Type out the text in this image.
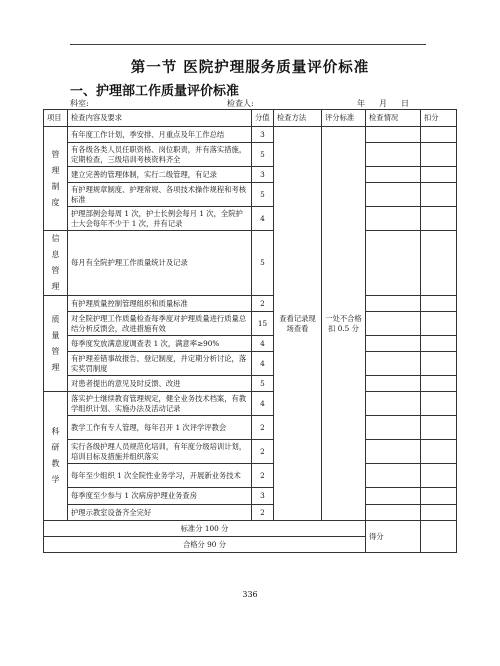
第一节 医院护理服务质量评价标准
一、护理部工作质量评价标准
科室:	检查人:	年 月 日
项目	检查内容及要求	分值	检查方法	评分标准	检查情况	扣分
管理制度	有年度工作计划，季安排、月重点及年工作总结	3	查看记录现场查看	一处不合格扣 0.5 分		
	有各级各类人员任职资格、岗位职责，并有落实措施，定期检查，三级培训考核资料齐全	5				
	建立完善的管理体制，实行二级管理，有记录	3				
	有护理规章制度、护理常规、各项技术操作规程和考核标准	5				
	护理部例会每周 1 次，护士长例会每月 1 次，全院护士大会每年不少于 1 次，并有记录	4				
信息管理	每月有全院护理工作质量统计及记录	5				
质量管理	有护理质量控制管理组织和质量标准	2				
	对全院护理工作质量检查每季度对护理质量进行质量总结分析反馈会，改进措施有效	15				
	每季度发放满意度调查表 1 次，满意率≥90%	4				
	有护理差错事故报告、登记制度，并定期分析讨论，落实奖罚制度	4				
	对患者提出的意见及时反馈、改进	5				
科研教学	落实护士继续教育管理规定，健全业务技术档案，有教学组织计划、实施办法及活动记录	4				
	教学工作有专人管理，每年召开 1 次评学评教会	2				
	实行各级护理人员规范化培训，有年度分级培训计划，培训目标及措施并组织落实	2				
	每年至少组织 1 次全院性业务学习，开展新业务技术	2				
	每季度至少参与 1 次病房护理业务查房	3				
	护理示教室设备齐全完好	2				
标准分 100 分					得分	
合格分 90 分						
336
